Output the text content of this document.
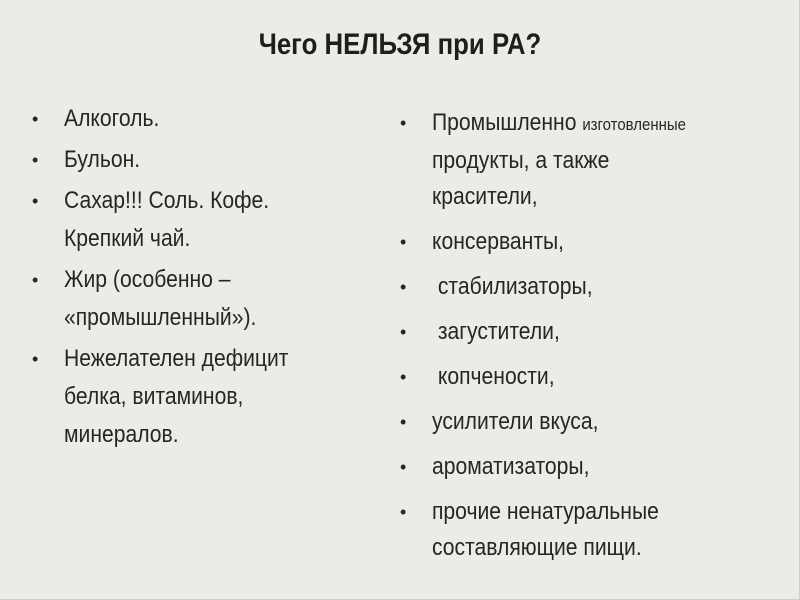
Чего НЕЛЬЗЯ при РА?
• Алкоголь.
• Бульон.
• Сахар!!! Соль. Кофе.
Крепкий чай.
• Жир (особенно –
«промышленный»).
• Нежелателен дефицит
белка, витаминов,
минералов.
• Промышленно изготовленные
продукты, а также
красители,
• консерванты,
• стабилизаторы,
• загустители,
• копчености,
• усилители вкуса,
• ароматизаторы,
• прочие ненатуральные
составляющие пищи.
